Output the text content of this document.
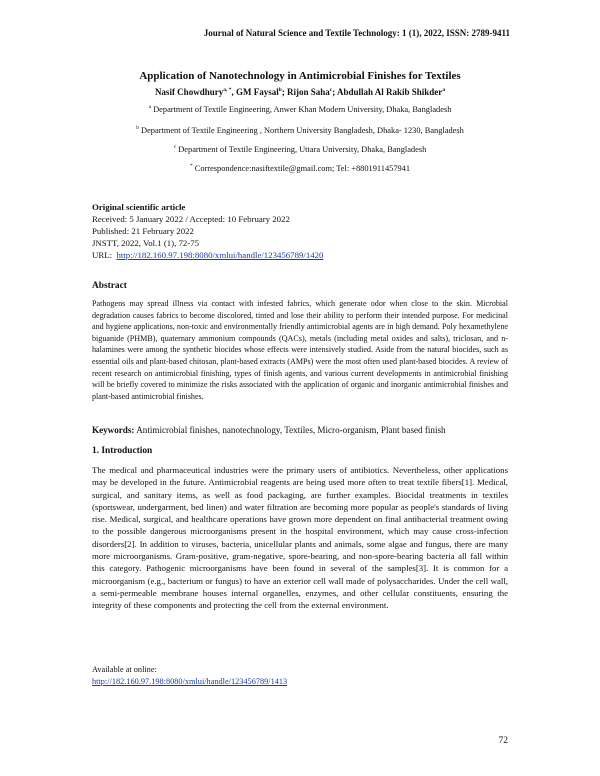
Journal of Natural Science and Textile Technology: 1 (1), 2022, ISSN: 2789-9411
Application of Nanotechnology in Antimicrobial Finishes for Textiles
Nasif Chowdhury$^{a, *}$, GM Faysal$^b$; Rijon Saha$^c$; Abdullah Al Rakib Shikder$^a$
$^a$ Department of Textile Engineering, Anwer Khan Modern University, Dhaka, Bangladesh
$^b$ Department of Textile Engineering , Northern University Bangladesh, Dhaka- 1230, Bangladesh
$^c$ Department of Textile Engineering, Uttara University, Dhaka, Bangladesh
* Correspondence:nasiftextile@gmail.com; Tel: +8801911457941
Original scientific article
Received: 5 January 2022 / Accepted: 10 February 2022
Published: 21 February 2022
JNSTT, 2022, Vol.1 (1), 72-75
URL: http://182.160.97.198:8080/xmlui/handle/123456789/1420
Abstract
Pathogens may spread illness via contact with infested fabrics, which generate odor when close to the skin. Microbial degradation causes fabrics to become discolored, tinted and lose their ability to perform their intended purpose. For medicinal and hygiene applications, non-toxic and environmentally friendly antimicrobial agents are in high demand. Poly hexamethylene biguanide (PHMB), quaternary ammonium compounds (QACs), metals (including metal oxides and salts), triclosan, and n-halamines were among the synthetic biocides whose effects were intensively studied. Aside from the natural biocides, such as essential oils and plant-based chitosan, plant-based extracts (AMPs) were the most often used plant-based biocides. A review of recent research on antimicrobial finishing, types of finish agents, and various current developments in antimicrobial finishing will be briefly covered to minimize the risks associated with the application of organic and inorganic antimicrobial finishes and plant-based antimicrobial finishes.
Keywords: Antimicrobial finishes, nanotechnology, Textiles, Micro-organism, Plant based finish
1. Introduction
The medical and pharmaceutical industries were the primary users of antibiotics. Nevertheless, other applications may be developed in the future. Antimicrobial reagents are being used more often to treat textile fibers[1]. Medical, surgical, and sanitary items, as well as food packaging, are further examples. Biocidal treatments in textiles (sportswear, undergarment, bed linen) and water filtration are becoming more popular as people's standards of living rise. Medical, surgical, and healthcare operations have grown more dependent on final antibacterial treatment owing to the possible dangerous microorganisms present in the hospital environment, which may cause cross-infection disorders[2]. In addition to viruses, bacteria, unicellular plants and animals, some algae and fungus, there are many more microorganisms. Gram-positive, gram-negative, spore-bearing, and non-spore-bearing bacteria all fall within this category. Pathogenic microorganisms have been found in several of the samples[3]. It is common for a microorganism (e.g., bacterium or fungus) to have an exterior cell wall made of polysaccharides. Under the cell wall, a semi-permeable membrane houses internal organelles, enzymes, and other cellular constituents, ensuring the integrity of these components and protecting the cell from the external environment.
Available at online:
http://182.160.97.198:8080/xmlui/handle/123456789/1413
72
